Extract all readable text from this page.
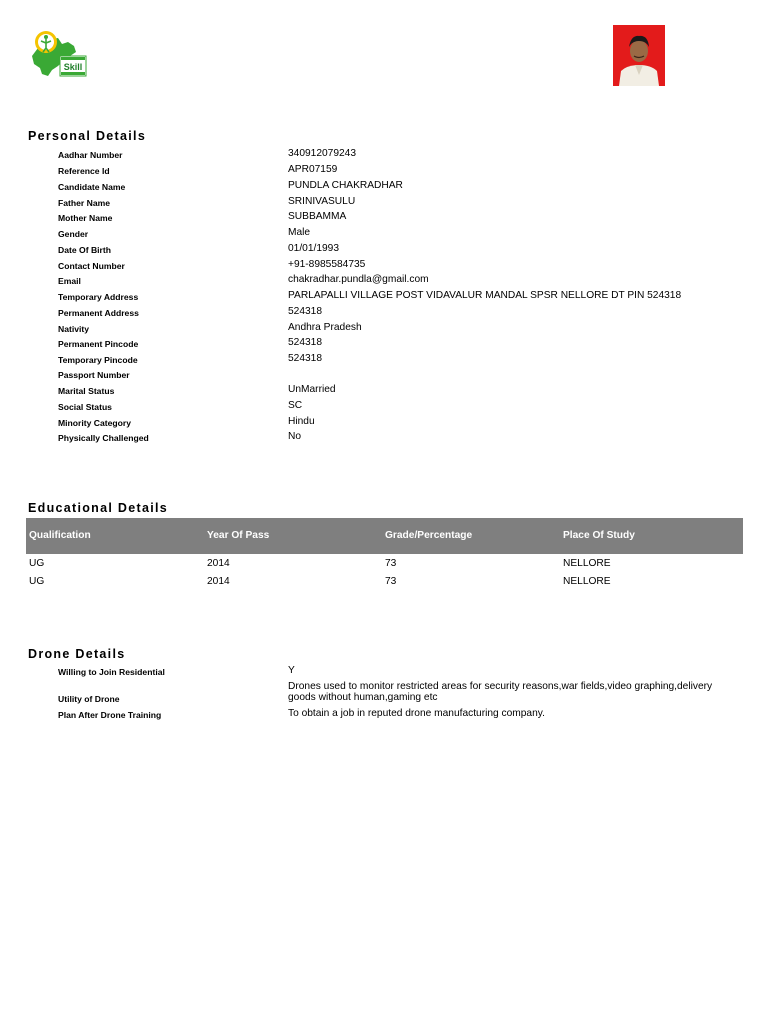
Skill
Personal Details
Aadhar Number	340912079243
Reference Id	APR07159
Candidate Name	PUNDLA CHAKRADHAR
Father Name	SRINIVASULU
Mother Name	SUBBAMMA
Gender	Male
Date Of Birth	01/01/1993
Contact Number	+91-8985584735
Email	chakradhar.pundla@gmail.com
Temporary Address	PARLAPALLI VILLAGE POST VIDAVALUR MANDAL SPSR NELLORE DT PIN 524318
Permanent Address	524318
Nativity	Andhra Pradesh
Permanent Pincode	524318
Temporary Pincode	524318
Passport Number
Marital Status	UnMarried
Social Status	SC
Minority Category	Hindu
Physically Challenged	No
Educational Details
Qualification	Year Of Pass	Grade/Percentage	Place Of Study
UG	2014	73	NELLORE
UG	2014	73	NELLORE
Drone Details
Willing to Join Residential	Y
Utility of Drone
Drones used to monitor restricted areas for security reasons,war fields,video graphing,delivery goods without human,gaming etc
Plan After Drone Training	To obtain a job in reputed drone manufacturing company.
